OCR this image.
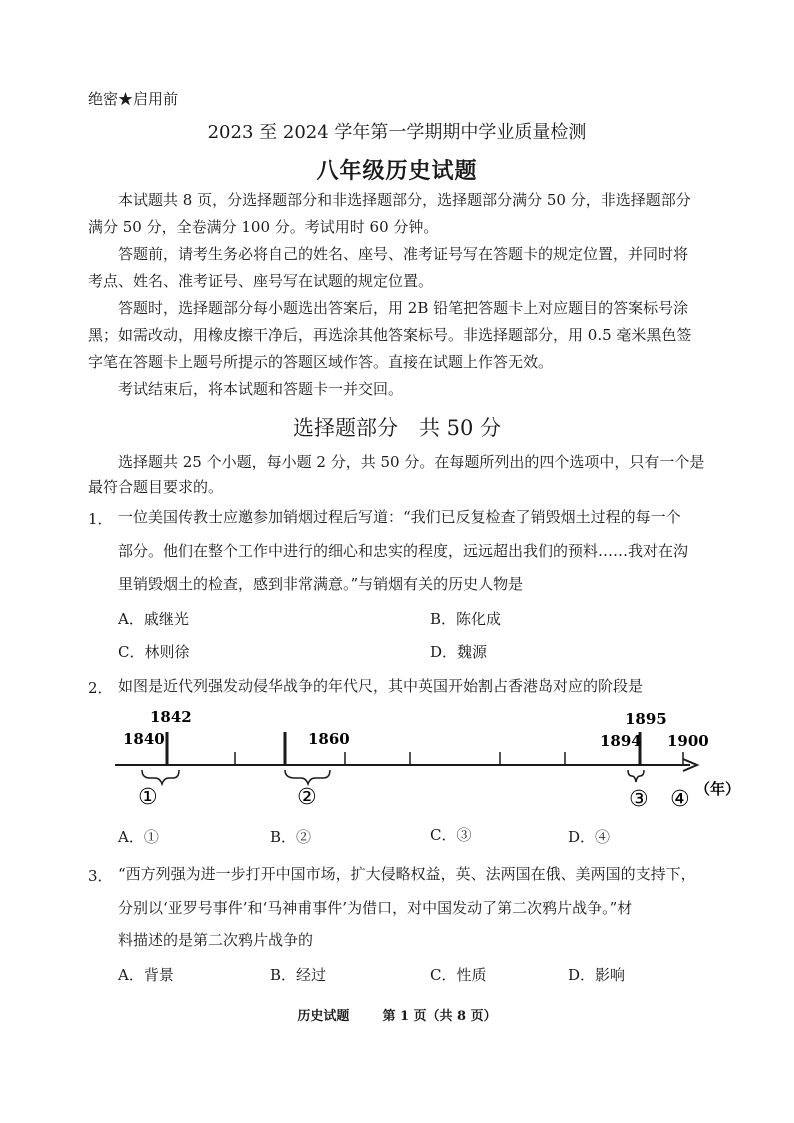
绝密★启用前
2023 至 2024 学年第一学期期中学业质量检测
八年级历史试题
本试题共 8 页，分选择题部分和非选择题部分，选择题部分满分 50 分，非选择题部分
满分 50 分，全卷满分 100 分。考试用时 60 分钟。
答题前，请考生务必将自己的姓名、座号、准考证号写在答题卡的规定位置，并同时将
考点、姓名、准考证号、座号写在试题的规定位置。
答题时，选择题部分每小题选出答案后，用 2B 铅笔把答题卡上对应题目的答案标号涂
黑；如需改动，用橡皮擦干净后，再选涂其他答案标号。非选择题部分，用 0.5 毫米黑色签
字笔在答题卡上题号所提示的答题区域作答。直接在试题上作答无效。
考试结束后，将本试题和答题卡一并交回。
选择题部分　共 50 分
选择题共 25 个小题，每小题 2 分，共 50 分。在每题所列出的四个选项中，只有一个是
最符合题目要求的。
1． 一位美国传教士应邀参加销烟过程后写道：“我们已反复检查了销毁烟土过程的每一个
部分。他们在整个工作中进行的细心和忠实的程度，远远超出我们的预料……我对在沟
里销毁烟土的检查，感到非常满意。”与销烟有关的历史人物是
A．戚继光	B．陈化成
C．林则徐	D．魏源
2． 如图是近代列强发动侵华战争的年代尺，其中英国开始割占香港岛对应的阶段是
1840
1842
1860	1894
1895
1900
①	②	③ ④ （年）
A．①	B．②	C．③	D．④
3． “西方列强为进一步打开中国市场，扩大侵略权益，英、法两国在俄、美两国的支持下，
分别以‘亚罗号事件’和‘马神甫事件’为借口，对中国发动了第二次鸦片战争。”材
料描述的是第二次鸦片战争的
A．背景	B．经过	C．性质	D．影响
历史试题	第 1 页（共 8 页）
